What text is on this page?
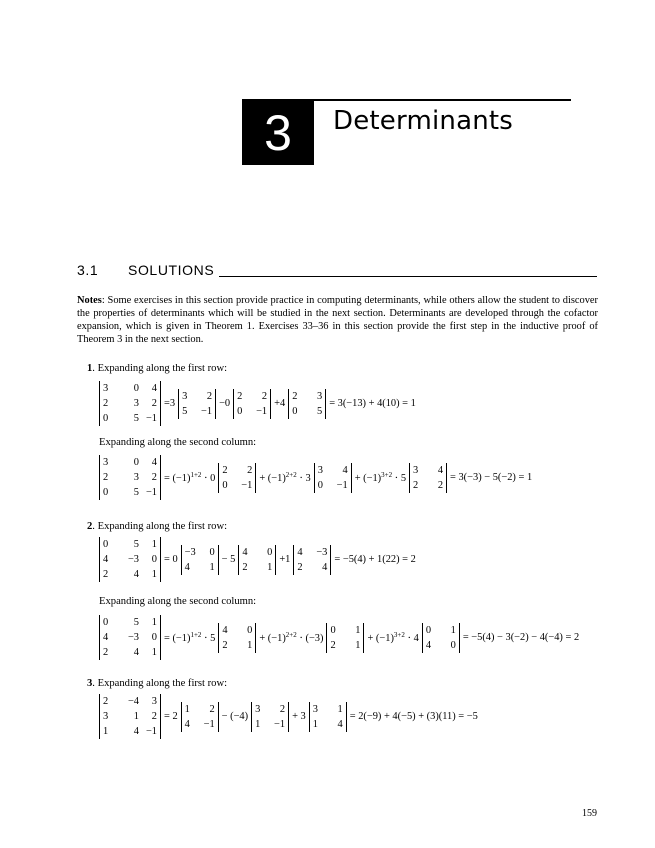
3 Determinants
3.1 SOLUTIONS
Notes: Some exercises in this section provide practice in computing determinants, while others allow the student to discover the properties of determinants which will be studied in the next section. Determinants are developed through the cofactor expansion, which is given in Theorem 1. Exercises 33–36 in this section provide the first step in the inductive proof of Theorem 3 in the next section.
1. Expanding along the first row:
3	0	4
2	3	2
0	5 −1
=3
3	2
5	−1
−0
2	2
0	−1
+4
2	3
0	5
= 3(−13) + 4(10) = 1
Expanding along the second column:
3	0	4
2	3	2
0	5 −1
= $(-1)^{1+2} \cdot 0$
2	2
0	−1
+ $(-1)^{2+2} \cdot 3$
3	4
0	−1
+ $(-1)^{3+2} \cdot 5$
3	4
2	2
= 3(−3) − 5(−2) = 1
2. Expanding along the first row:
0	5	1
4	−3	0
2	4	1
= 0
−3	0
4	1
− 5
4	0
2	1
+1
4	−3
2	4
= −5(4) + 1(22) = 2
Expanding along the second column:
0	5	1
4	−3	0
2	4	1
= $(-1)^{1+2} \cdot 5$
4	0
2	1
+ $(-1)^{2+2} \cdot (-3)$
0	1
2	1
+ $(-1)^{3+2} \cdot 4$
0	1
4	0
= −5(4) − 3(−2) − 4(−4) = 2
3. Expanding along the first row:
2	−4	3
3	1	2
1	4 −1
= 2
1	2
4	−1
− (−4)
3	2
1	−1
+ 3
3	1
1	4
= 2(−9) + 4(−5) + (3)(11) = −5
159
